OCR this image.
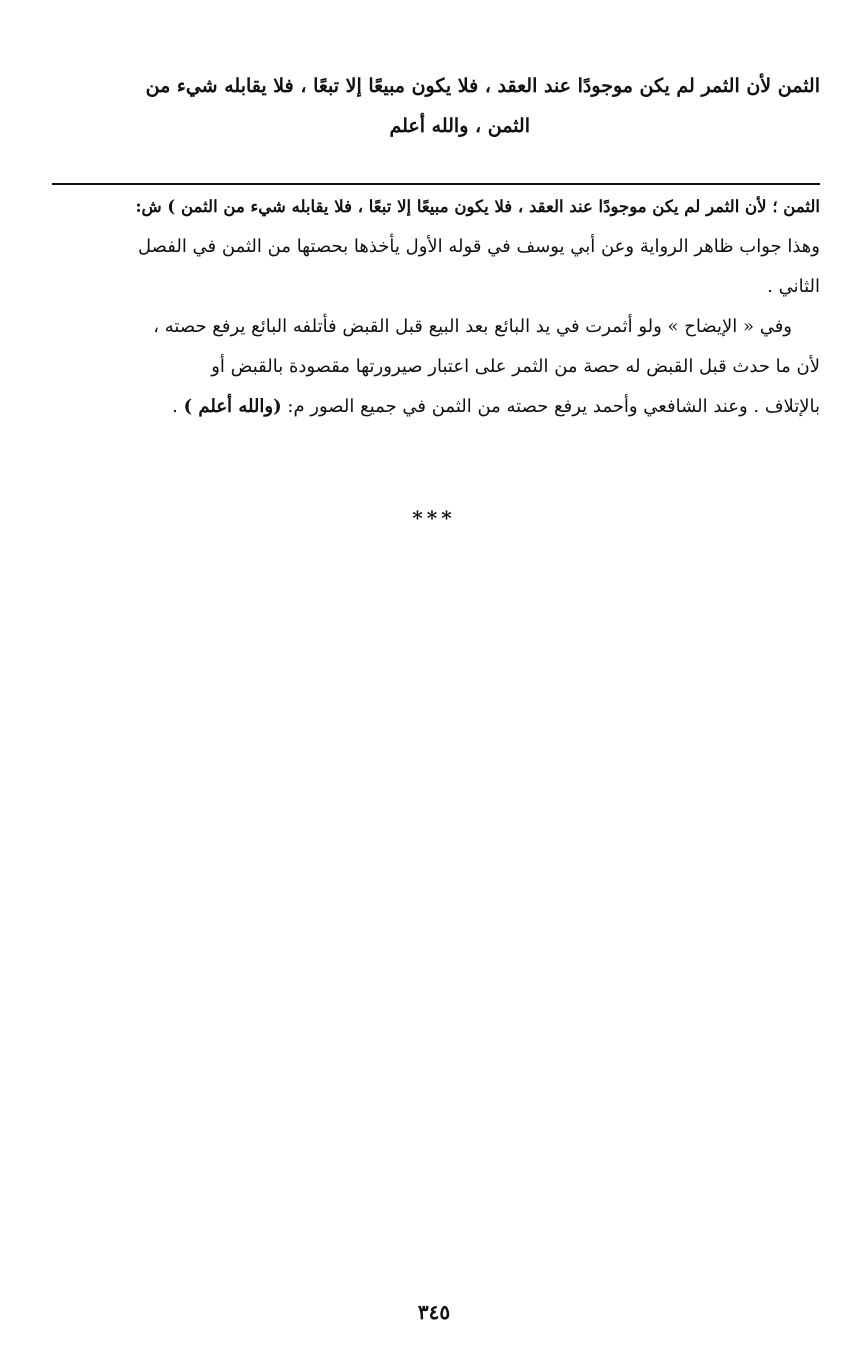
الثمن لأن الثمر لم يكن موجودًا عند العقد ، فلا يكون مبيعًا إلا تبعًا ، فلا يقابله شيء من
الثمن ، والله أعلم
الثمن ؛ لأن الثمر لم يكن موجودًا عند العقد ، فلا يكون مبيعًا إلا تبعًا ، فلا يقابله شيء من الثمن ) ش:
وهذا جواب ظاهر الرواية وعن أبي يوسف في قوله الأول يأخذها بحصتها من الثمن في الفصل
الثاني .
وفي « الإيضاح » ولو أثمرت في يد البائع بعد البيع قبل القبض فأتلفه البائع يرفع حصته ،
لأن ما حدث قبل القبض له حصة من الثمر على اعتبار صيرورتها مقصودة بالقبض أو
بالإتلاف . وعند الشافعي وأحمد يرفع حصته من الثمن في جميع الصور م: (والله أعلم ) .
***
٣٤٥
